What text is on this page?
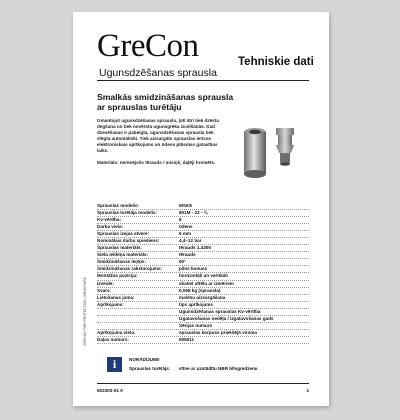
GreCon
Ugunsdzēšanas sprausla
Tehniskie dati
Smalkās smidzināšanas sprausla
ar sprauslas turētāju

Izmantojot ugunsdzēšanas sprauslu, ļoti ātri tiek dzēsta degšana un tiek novērsta ugunsgrēka izcelšanās. Kad dzesēšanas ir pabeigta, ugunsdzēšanas sprausla tiek slēgta automātiski. Tiek aizsargāts sprauslas ierīces elektroniskais aprīkojums un ūdens plūsmas gatavības laiks.

Materiāls: nerūsējošs tērauds / misiņš, daļēji hromēts.

Sprauslas modelis:	MSK8
Sprauslas turētāja modelis:	801M - 22 - ¾
Kv-vērtība:	8
Darba viela:	ūdens
Sprauslas izejas atvere:	6 mm
Nominālais darba spiediens:	4,4–12 bar
Sprauslas materiāls:	tērauds 1.4305
Sieta ieliktņa materiāls:	tērauds
Smidzināšanas leņķis:	90°
Smidzināšanas raksturojums:	pilns konuss
Montāžas pozīcija:	horizontāli un vertikāli
Izveide:	skatiet attēlu ar izmēriem
Svars:	0,068 kg (sprausla)
Lietošanas joma:	mašīnu aizsargāšana
Aprīkojums:	tips aprīkojums
Ugunsdzēšanas sprauslas Kv-vērtība
Izgatavošanas nedēļa / izgatavošanas gads
Sērijas numurs
Aprīkojuma vieta:	sprauslas korpuss priekšējā virsma
Daļas numurs:	505011
GRECON FIRE PROTECTION | BROCHURE
i	NORĀDĪJUMI!
Sprauslas turētājs: vītne ar uzstādītu NBR blīvgredzenu
502303-01 0	1
